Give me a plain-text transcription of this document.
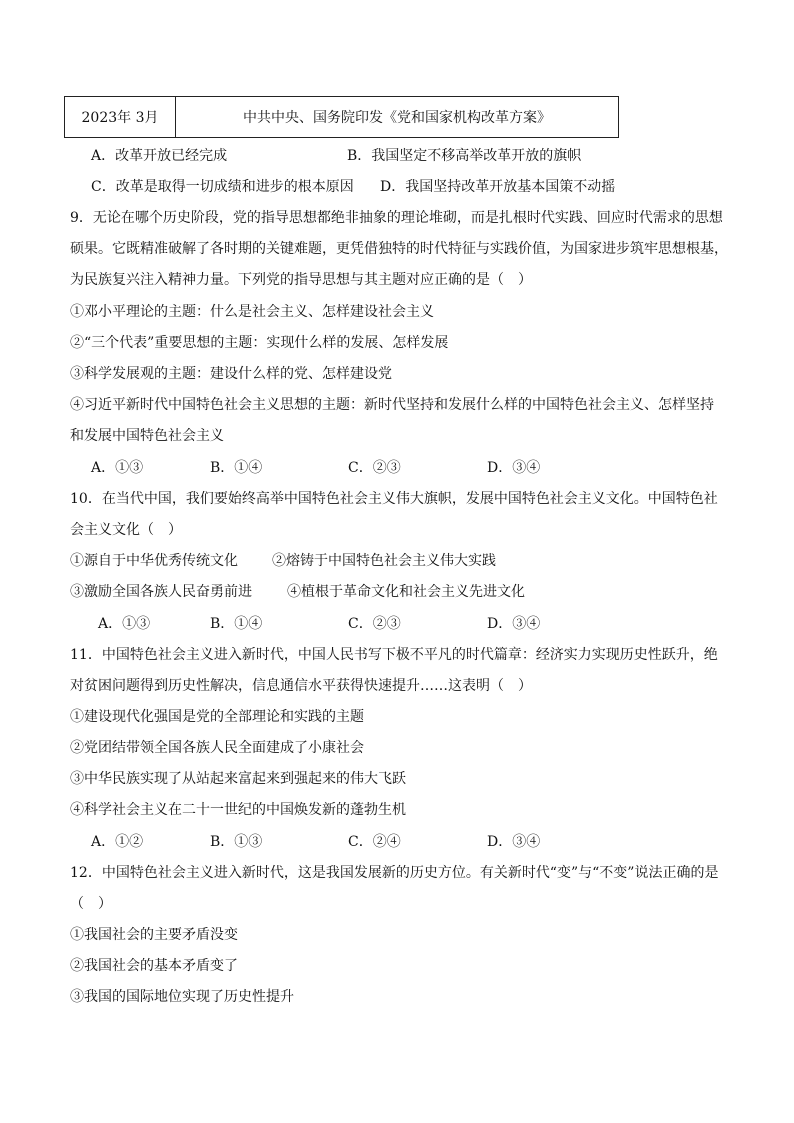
2023年 3月	中共中央、国务院印发《党和国家机构改革方案》
A．改革开放已经完成	B．我国坚定不移高举改革开放的旗帜
C．改革是取得一切成绩和进步的根本原因 D．我国坚持改革开放基本国策不动摇
9．无论在哪个历史阶段，党的指导思想都绝非抽象的理论堆砌，而是扎根时代实践、回应时代需求的思想
硕果。它既精准破解了各时期的关键难题，更凭借独特的时代特征与实践价值，为国家进步筑牢思想根基，
为民族复兴注入精神力量。下列党的指导思想与其主题对应正确的是（　）
①邓小平理论的主题：什么是社会主义、怎样建设社会主义
②“三个代表”重要思想的主题：实现什么样的发展、怎样发展
③科学发展观的主题：建设什么样的党、怎样建设党
④习近平新时代中国特色社会主义思想的主题：新时代坚持和发展什么样的中国特色社会主义、怎样坚持
和发展中国特色社会主义
A．①③	B．①④	C．②③	D．③④
10．在当代中国，我们要始终高举中国特色社会主义伟大旗帜，发展中国特色社会主义文化。中国特色社
会主义文化（　）
①源自于中华优秀传统文化 ②熔铸于中国特色社会主义伟大实践
③激励全国各族人民奋勇前进	④植根于革命文化和社会主义先进文化
A．①③	B．①④	C．②③	D．③④
11．中国特色社会主义进入新时代，中国人民书写下极不平凡的时代篇章：经济实力实现历史性跃升，绝
对贫困问题得到历史性解决，信息通信水平获得快速提升……这表明（　）
①建设现代化强国是党的全部理论和实践的主题
②党团结带领全国各族人民全面建成了小康社会
③中华民族实现了从站起来富起来到强起来的伟大飞跃
④科学社会主义在二十一世纪的中国焕发新的蓬勃生机
A．①②	B．①③	C．②④	D．③④
12．中国特色社会主义进入新时代，这是我国发展新的历史方位。有关新时代“变”与“不变”说法正确的是
（　）
①我国社会的主要矛盾没变
②我国社会的基本矛盾变了
③我国的国际地位实现了历史性提升
